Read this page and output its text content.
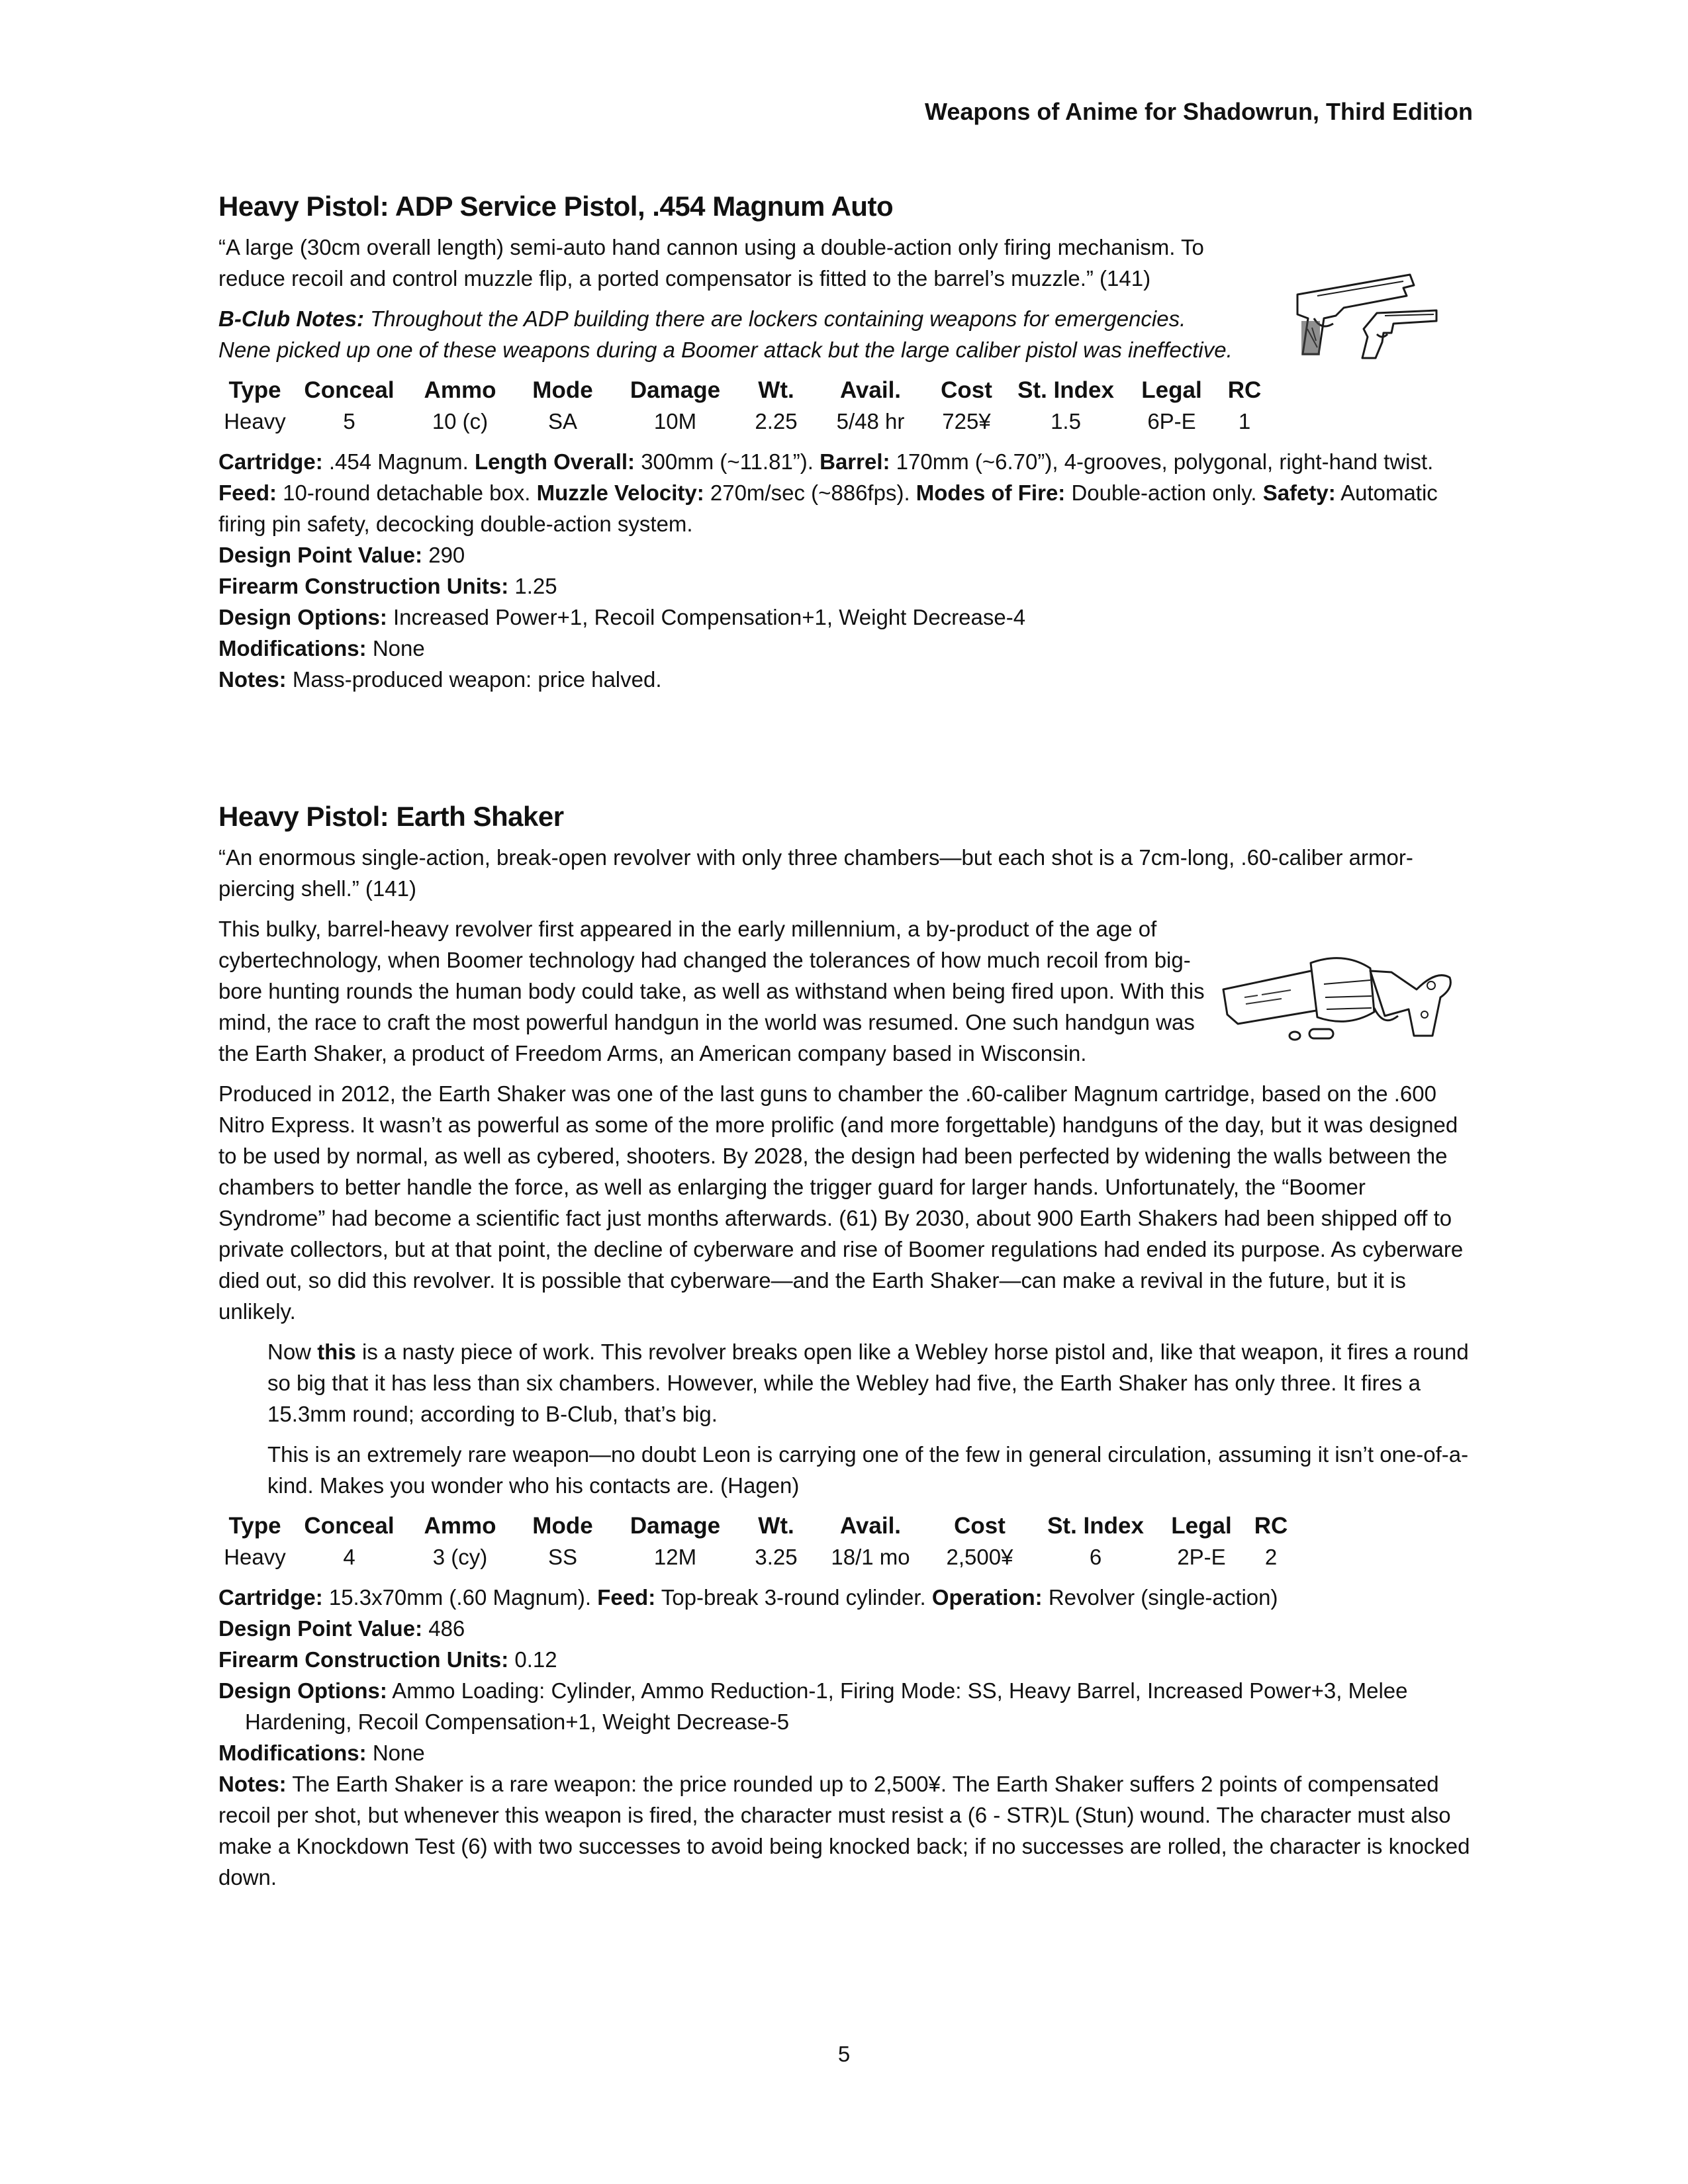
Weapons of Anime for Shadowrun, Third Edition
Heavy Pistol: ADP Service Pistol, .454 Magnum Auto

“A large (30cm overall length) semi-auto hand cannon using a double-action only firing mechanism. To reduce recoil and control muzzle flip, a ported compensator is fitted to the barrel’s muzzle.” (141)

B-Club Notes: Throughout the ADP building there are lockers containing weapons for emergencies. Nene picked up one of these weapons during a Boomer attack but the large caliber pistol was ineffective.

Type	Conceal	Ammo	Mode	Damage	Wt.	Avail.	Cost	St. Index	Legal	RC
Heavy	5	10 (c)	SA	10M	2.25	5/48 hr	725¥	1.5	6P-E	1
Cartridge: .454 Magnum. Length Overall: 300mm (~11.81”). Barrel: 170mm (~6.70”), 4-grooves, polygonal, right-hand twist. Feed: 10-round detachable box. Muzzle Velocity: 270m/sec (~886fps). Modes of Fire: Double-action only. Safety: Automatic firing pin safety, decocking double-action system.
Design Point Value: 290
Firearm Construction Units: 1.25
Design Options: Increased Power+1, Recoil Compensation+1, Weight Decrease-4
Modifications: None
Notes: Mass-produced weapon: price halved.
Heavy Pistol: Earth Shaker

“An enormous single-action, break-open revolver with only three chambers—but each shot is a 7cm-long, .60-caliber armor-piercing shell.” (141)

This bulky, barrel-heavy revolver first appeared in the early millennium, a by-product of the age of cybertechnology, when Boomer technology had changed the tolerances of how much recoil from big-bore hunting rounds the human body could take, as well as withstand when being fired upon. With this mind, the race to craft the most powerful handgun in the world was resumed. One such handgun was the Earth Shaker, a product of Freedom Arms, an American company based in Wisconsin.

Produced in 2012, the Earth Shaker was one of the last guns to chamber the .60-caliber Magnum cartridge, based on the .600 Nitro Express. It wasn’t as powerful as some of the more prolific (and more forgettable) handguns of the day, but it was designed to be used by normal, as well as cybered, shooters. By 2028, the design had been perfected by widening the walls between the chambers to better handle the force, as well as enlarging the trigger guard for larger hands. Unfortunately, the “Boomer Syndrome” had become a scientific fact just months afterwards. (61) By 2030, about 900 Earth Shakers had been shipped off to private collectors, but at that point, the decline of cyberware and rise of Boomer regulations had ended its purpose. As cyberware died out, so did this revolver. It is possible that cyberware—and the Earth Shaker—can make a revival in the future, but it is unlikely.

Now this is a nasty piece of work. This revolver breaks open like a Webley horse pistol and, like that weapon, it fires a round so big that it has less than six chambers. However, while the Webley had five, the Earth Shaker has only three. It fires a 15.3mm round; according to B-Club, that’s big.

This is an extremely rare weapon—no doubt Leon is carrying one of the few in general circulation, assuming it isn’t one-of-a-kind. Makes you wonder who his contacts are. (Hagen)

Type	Conceal	Ammo	Mode	Damage	Wt.	Avail.	Cost	St. Index	Legal	RC
Heavy	4	3 (cy)	SS	12M	3.25	18/1 mo	2,500¥	6	2P-E	2
Cartridge: 15.3x70mm (.60 Magnum). Feed: Top-break 3-round cylinder. Operation: Revolver (single-action)
Design Point Value: 486
Firearm Construction Units: 0.12
Design Options: Ammo Loading: Cylinder, Ammo Reduction-1, Firing Mode: SS, Heavy Barrel, Increased Power+3, Melee Hardening, Recoil Compensation+1, Weight Decrease-5
Modifications: None
Notes: The Earth Shaker is a rare weapon: the price rounded up to 2,500¥. The Earth Shaker suffers 2 points of compensated recoil per shot, but whenever this weapon is fired, the character must resist a (6 - STR)L (Stun) wound. The character must also make a Knockdown Test (6) with two successes to avoid being knocked back; if no successes are rolled, the character is knocked down.
5
